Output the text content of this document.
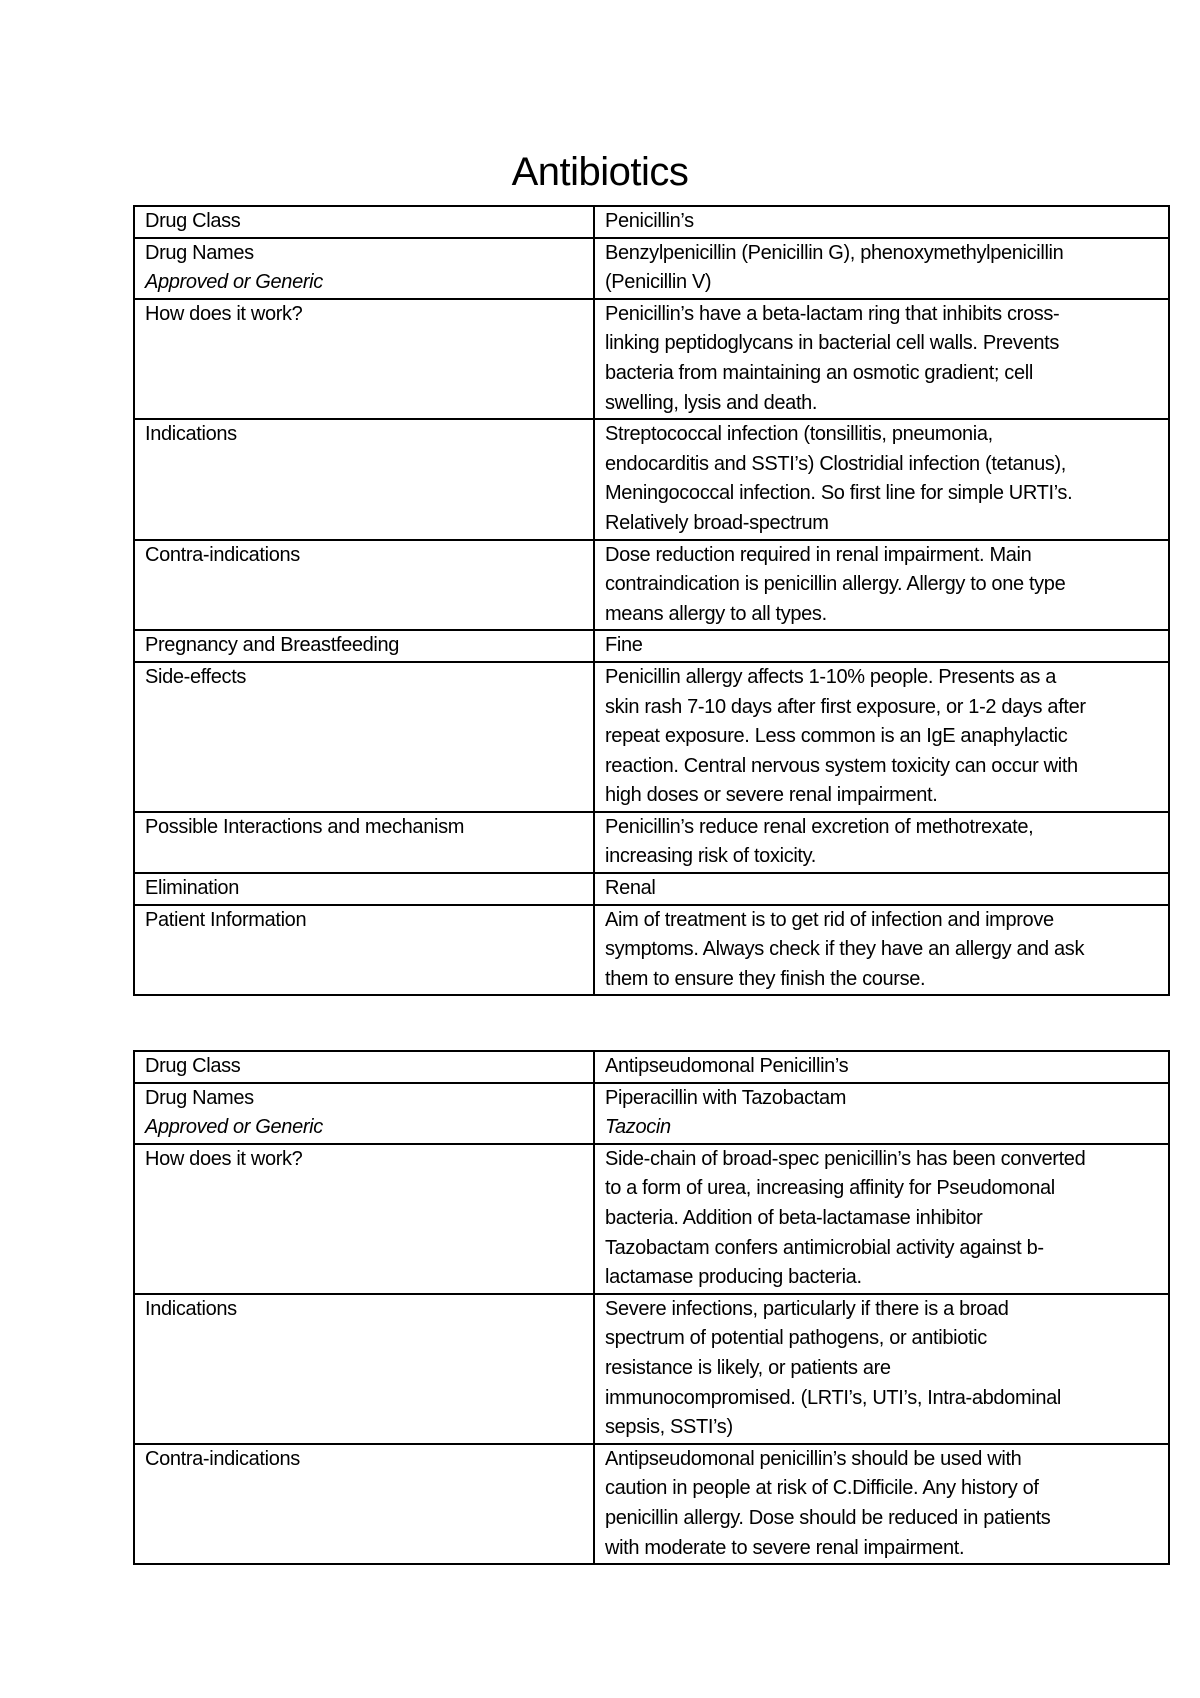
Antibiotics
Drug Class	Penicillin’s

Drug Names
Approved or Generic	Benzylpenicillin (Penicillin G), phenoxymethylpenicillin
(Penicillin V)

How does it work?	Penicillin’s have a beta-lactam ring that inhibits cross-
linking peptidoglycans in bacterial cell walls. Prevents
bacteria from maintaining an osmotic gradient; cell
swelling, lysis and death.

Indications	Streptococcal infection (tonsillitis, pneumonia,
endocarditis and SSTI’s) Clostridial infection (tetanus),
Meningococcal infection. So first line for simple URTI’s.
Relatively broad-spectrum

Contra-indications	Dose reduction required in renal impairment. Main
contraindication is penicillin allergy. Allergy to one type
means allergy to all types.

Pregnancy and Breastfeeding	Fine

Side-effects	Penicillin allergy affects 1-10% people. Presents as a
skin rash 7-10 days after first exposure, or 1-2 days after
repeat exposure. Less common is an IgE anaphylactic
reaction. Central nervous system toxicity can occur with
high doses or severe renal impairment.

Possible Interactions and mechanism	Penicillin’s reduce renal excretion of methotrexate,
increasing risk of toxicity.

Elimination	Renal

Patient Information	Aim of treatment is to get rid of infection and improve
symptoms. Always check if they have an allergy and ask
them to ensure they finish the course.
Drug Class	Antipseudomonal Penicillin’s

Drug Names
Approved or Generic	Piperacillin with Tazobactam
Tazocin

How does it work?	Side-chain of broad-spec penicillin’s has been converted
to a form of urea, increasing affinity for Pseudomonal
bacteria. Addition of beta-lactamase inhibitor
Tazobactam confers antimicrobial activity against b-
lactamase producing bacteria.

Indications	Severe infections, particularly if there is a broad
spectrum of potential pathogens, or antibiotic
resistance is likely, or patients are
immunocompromised. (LRTI’s, UTI’s, Intra-abdominal
sepsis, SSTI’s)

Contra-indications	Antipseudomonal penicillin’s should be used with
caution in people at risk of C.Difficile. Any history of
penicillin allergy. Dose should be reduced in patients
with moderate to severe renal impairment.
